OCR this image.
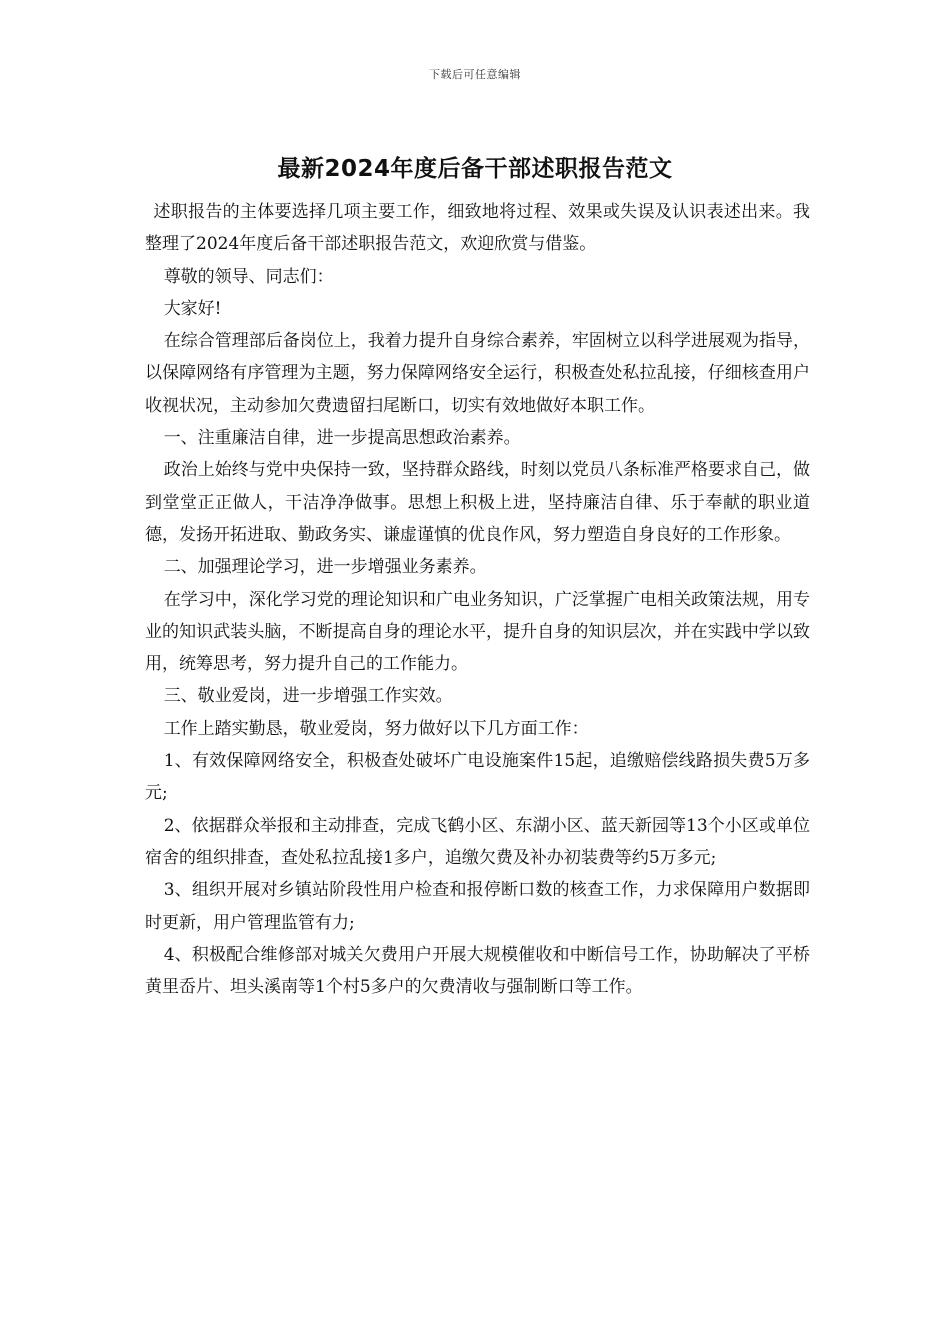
下载后可任意编辑
最新2024年度后备干部述职报告范文

述职报告的主体要选择几项主要工作，细致地将过程、效果或失误及认识表述出来。我整理了2024年度后备干部述职报告范文，欢迎欣赏与借鉴。

尊敬的领导、同志们：

大家好!

在综合管理部后备岗位上，我着力提升自身综合素养，牢固树立以科学进展观为指导，以保障网络有序管理为主题，努力保障网络安全运行，积极查处私拉乱接，仔细核查用户收视状况，主动参加欠费遗留扫尾断口，切实有效地做好本职工作。

一、注重廉洁自律，进一步提高思想政治素养。

政治上始终与党中央保持一致，坚持群众路线，时刻以党员八条标准严格要求自己，做到堂堂正正做人，干洁净净做事。思想上积极上进，坚持廉洁自律、乐于奉献的职业道德，发扬开拓进取、勤政务实、谦虚谨慎的优良作风，努力塑造自身良好的工作形象。

二、加强理论学习，进一步增强业务素养。

在学习中，深化学习党的理论知识和广电业务知识，广泛掌握广电相关政策法规，用专业的知识武装头脑，不断提高自身的理论水平，提升自身的知识层次，并在实践中学以致用，统筹思考，努力提升自己的工作能力。

三、敬业爱岗，进一步增强工作实效。

工作上踏实勤恳，敬业爱岗，努力做好以下几方面工作：

1、有效保障网络安全，积极查处破坏广电设施案件15起，追缴赔偿线路损失费5万多元;

2、依据群众举报和主动排查，完成飞鹤小区、东湖小区、蓝天新园等13个小区或单位宿舍的组织排查，查处私拉乱接1多户，追缴欠费及补办初装费等约5万多元;

3、组织开展对乡镇站阶段性用户检查和报停断口数的核查工作，力求保障用户数据即时更新，用户管理监管有力;

4、积极配合维修部对城关欠费用户开展大规模催收和中断信号工作，协助解决了平桥黄里岙片、坦头溪南等1个村5多户的欠费清收与强制断口等工作。
